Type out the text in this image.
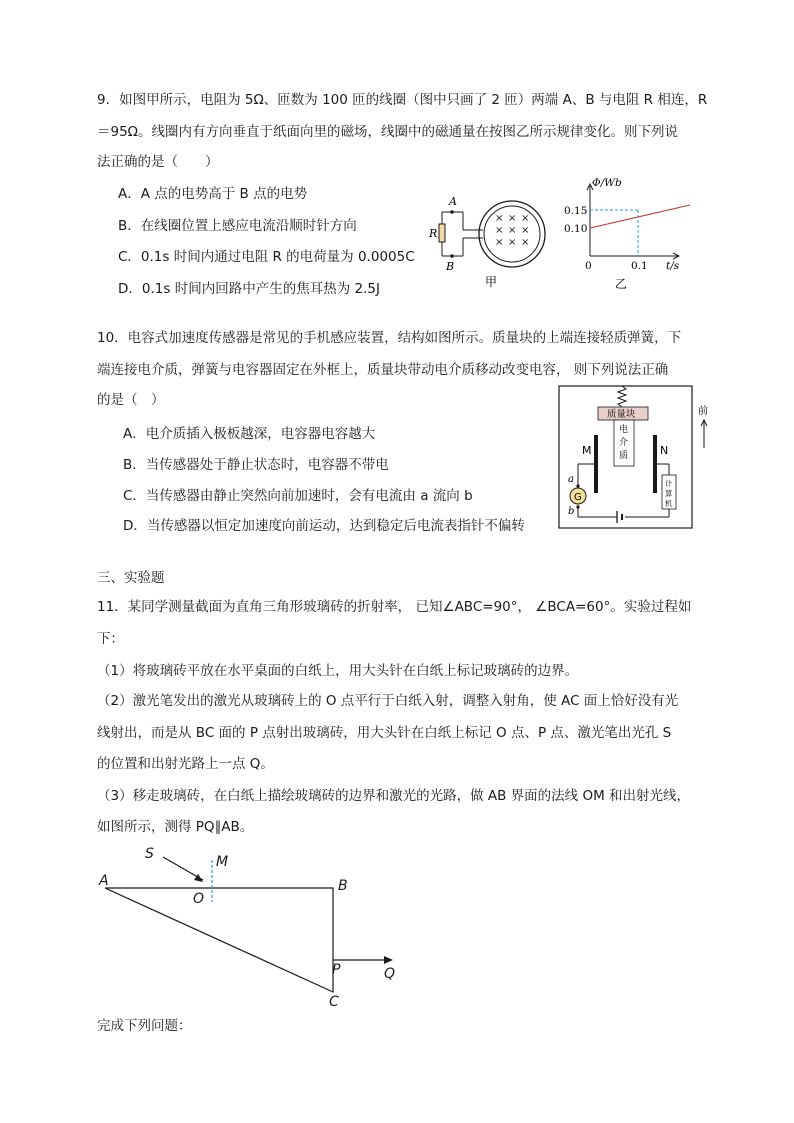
9．如图甲所示，电阻为 5Ω、匝数为 100 匝的线圈（图中只画了 2 匝）两端 A、B 与电阻 R 相连，R
＝95Ω。线圈内有方向垂直于纸面向里的磁场，线圈中的磁通量在按图乙所示规律变化。则下列说
法正确的是（　　）
A．A 点的电势高于 B 点的电势
B．在线圈位置上感应电流沿顺时针方向
C．0.1s 时间内通过电阻 R 的电荷量为 0.0005C
D．0.1s 时间内回路中产生的焦耳热为 2.5J
A
B
R
× × ×
× × ×
× × ×
甲
Φ/Wb
0.15
0.10
0	0.1 t/s
乙
10．电容式加速度传感器是常见的手机感应装置，结构如图所示。质量块的上端连接轻质弹簧，下
端连接电介质，弹簧与电容器固定在外框上，质量块带动电介质移动改变电容， 则下列说法正确
的是（　）
A．电介质插入极板越深，电容器电容越大
B．当传感器处于静止状态时，电容器不带电
C．当传感器由静止突然向前加速时，会有电流由 a 流向 b
D．当传感器以恒定加速度向前运动，达到稳定后电流表指针不偏转
质量块
电
介
质
M	N
G
a
b
计
算
机
前
三、实验题
11．某同学测量截面为直角三角形玻璃砖的折射率， 已知∠ABC=90°， ∠BCA=60°。实验过程如
下：
（1）将玻璃砖平放在水平桌面的白纸上，用大头针在白纸上标记玻璃砖的边界。
（2）激光笔发出的激光从玻璃砖上的 O 点平行于白纸入射，调整入射角，使 AC 面上恰好没有光
线射出，而是从 BC 面的 P 点射出玻璃砖，用大头针在白纸上标记 O 点、P 点、激光笔出光孔 S
的位置和出射光路上一点 Q。
（3）移走玻璃砖，在白纸上描绘玻璃砖的边界和激光的光路，做 AB 界面的法线 OM 和出射光线，
如图所示，测得 PQ∥AB。
A	B
C
O
M
S
P	Q
完成下列问题：
